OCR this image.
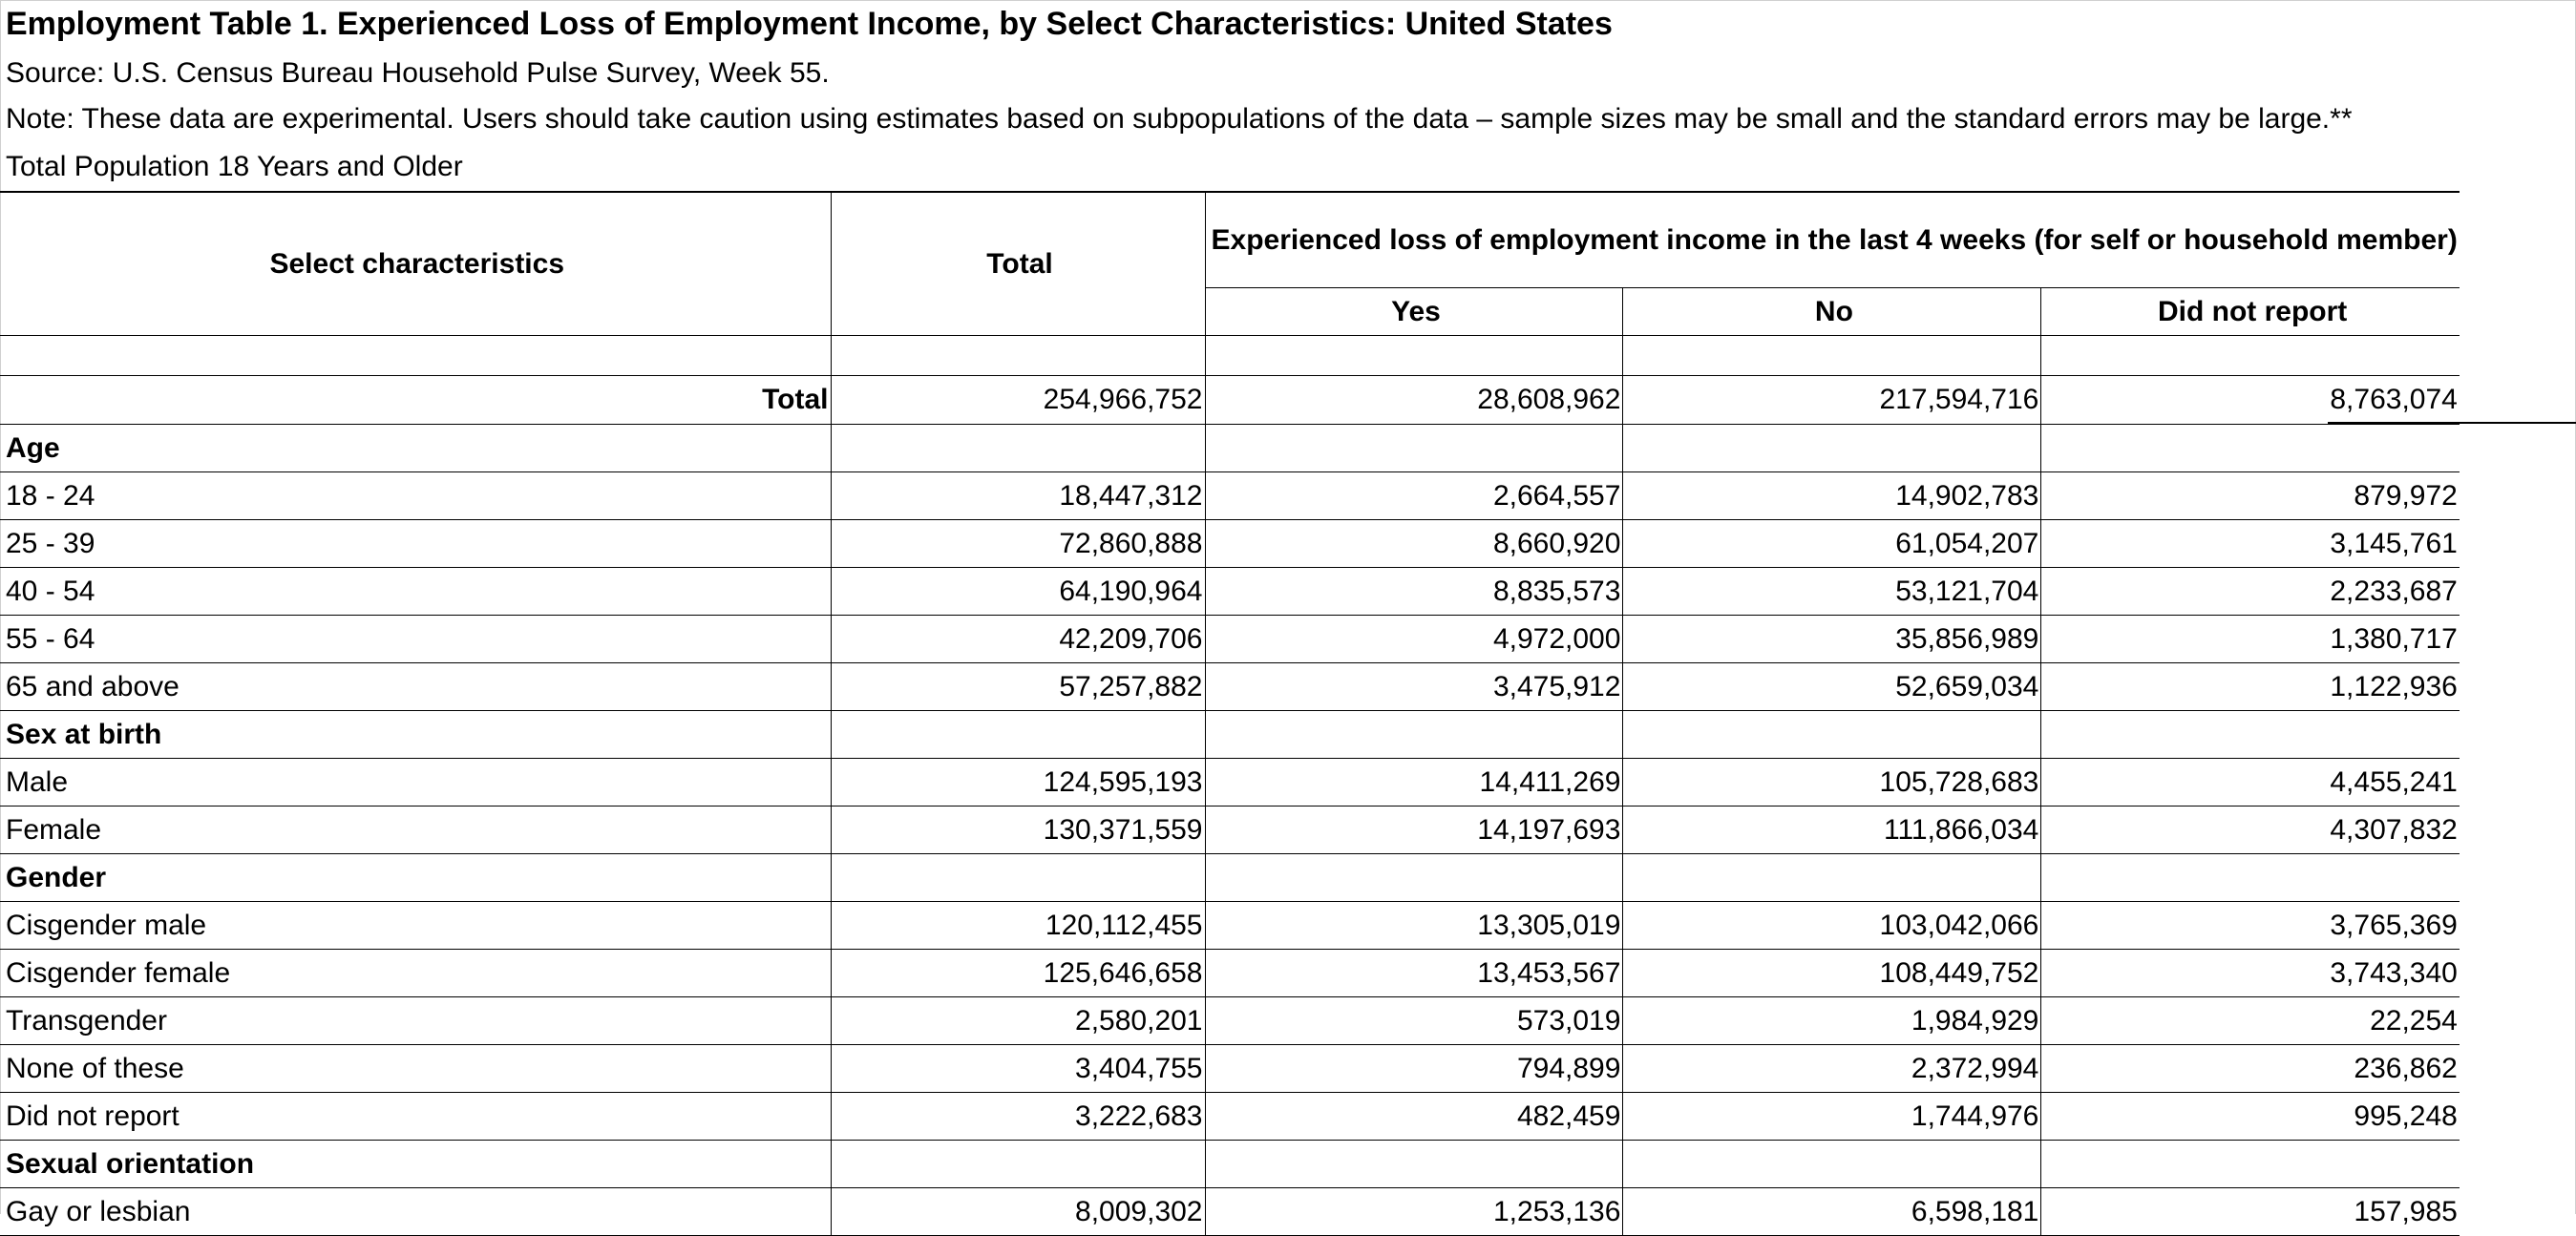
Employment Table 1. Experienced Loss of Employment Income, by Select Characteristics: United States
Source: U.S. Census Bureau Household Pulse Survey, Week 55.
Note: These data are experimental. Users should take caution using estimates based on subpopulations of the data – sample sizes may be small and the standard errors may be large.**
Total Population 18 Years and Older
Select characteristics	Total	Experienced loss of employment income in the last 4 weeks (for self or household member)		
		Yes	No	Did not report

Total	254,966,752	28,608,962	217,594,716	8,763,074
Age				
18 - 24	18,447,312	2,664,557	14,902,783	879,972
25 - 39	72,860,888	8,660,920	61,054,207	3,145,761
40 - 54	64,190,964	8,835,573	53,121,704	2,233,687
55 - 64	42,209,706	4,972,000	35,856,989	1,380,717
65 and above	57,257,882	3,475,912	52,659,034	1,122,936
Sex at birth				
Male	124,595,193	14,411,269	105,728,683	4,455,241
Female	130,371,559	14,197,693	111,866,034	4,307,832
Gender				
Cisgender male	120,112,455	13,305,019	103,042,066	3,765,369
Cisgender female	125,646,658	13,453,567	108,449,752	3,743,340
Transgender	2,580,201	573,019	1,984,929	22,254
None of these	3,404,755	794,899	2,372,994	236,862
Did not report	3,222,683	482,459	1,744,976	995,248
Sexual orientation				
Gay or lesbian	8,009,302	1,253,136	6,598,181	157,985
